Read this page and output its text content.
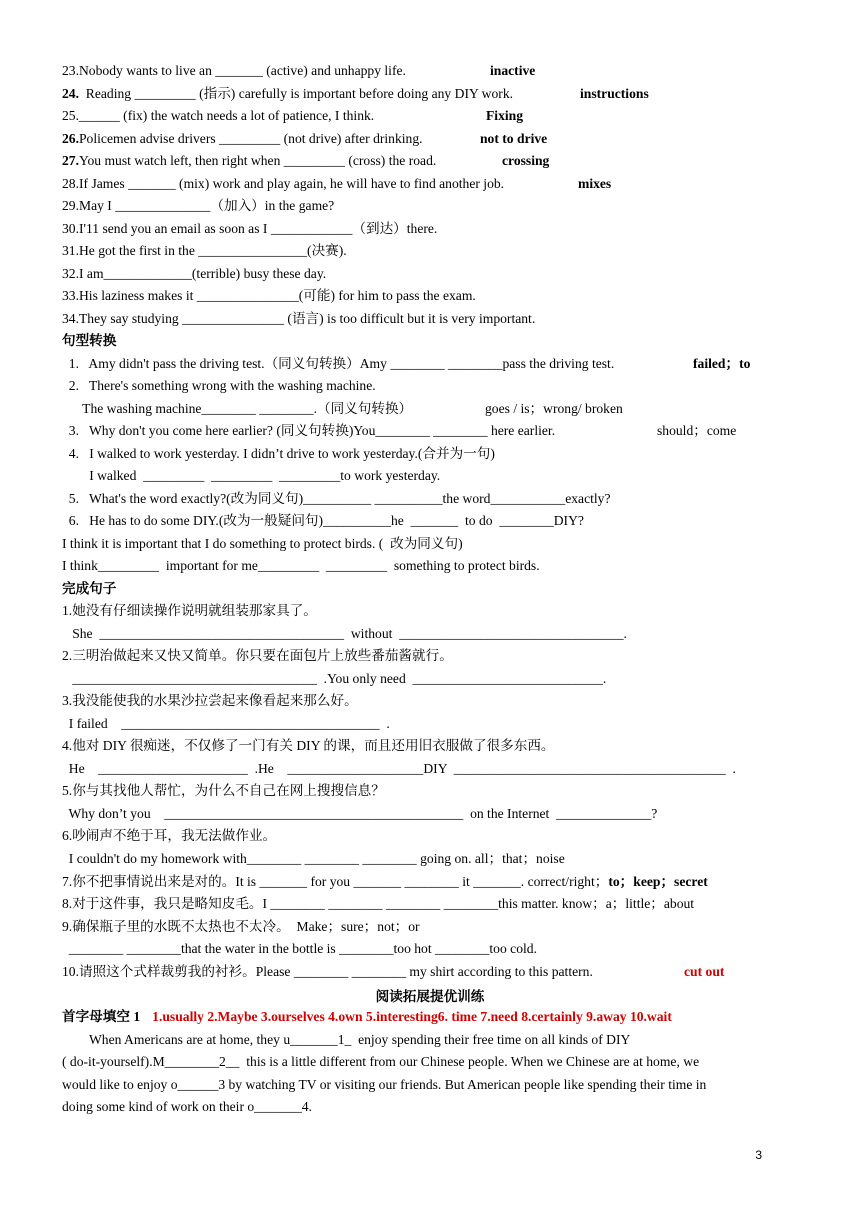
23.Nobody wants to live an _______ (active) and unhappy life.	inactive
24.  Reading _________ (指示) carefully is important before doing any DIY work.	instructions
25.______ (fix) the watch needs a lot of patience, I think.	Fixing
26.Policemen advise drivers _________ (not drive) after drinking.	not to drive
27.You must watch left, then right when _________ (cross) the road.	crossing
28.If James _______ (mix) work and play again, he will have to find another job.	mixes
29.May I ______________（加入）in the game?
30.I'11 send you an email as soon as I ____________（到达）there.
31.He got the first in the ________________(决赛).
32.I am_____________(terrible) busy these day.
33.His laziness makes it _______________(可能) for him to pass the exam.
34.They say studying _______________ (语言) is too difficult but it is very important.
句型转换
1.   Amy didn't pass the driving test.（同义句转换）Amy ________ ________pass the driving test.	failed；to
2.   There's something wrong with the washing machine.
The washing machine________ ________.（同义句转换）	goes / is；wrong/ broken
3.   Why don't you come here earlier? (同义句转换)You________ ________ here earlier.	should；come
4.   I walked to work yesterday. I didn’t drive to work yesterday.(合并为一句)
I walked  _________  _________  _________to work yesterday.
5.   What's the word exactly?(改为同义句)__________ __________the word___________exactly?
6.   He has to do some DIY.(改为一般疑问句)__________he  _______  to do  ________DIY?
I think it is important that I do something to protect birds. (  改为同义句)
I think_________  important for me_________  _________  something to protect birds.
完成句子
1.她没有仔细读操作说明就组装那家具了。
She  ____________________________________  without  _________________________________.
2.三明治做起来又快又简单。你只要在面包片上放些番茄酱就行。
____________________________________  .You only need  ____________________________.
3.我没能使我的水果沙拉尝起来像看起来那么好。
I failed    ______________________________________  .
4.他对 DIY 很痴迷，不仅修了一门有关 DIY 的课，而且还用旧衣服做了很多东西。
He    ______________________  .He    ____________________DIY  ________________________________________  .
5.你与其找他人帮忙，为什么不自己在网上搜搜信息？
Why don’t you    ____________________________________________  on the Internet  ______________?
6.吵闹声不绝于耳，我无法做作业。
I couldn't do my homework with________ ________ ________ going on. all；that；noise
7.你不把事情说出来是对的。It is _______ for you _______ ________ it _______. correct/right；to；keep；secret
8.对于这件事，我只是略知皮毛。I ________ ________ ________ ________this matter. know；a；little；about
9.确保瓶子里的水既不太热也不太冷。  Make；sure；not；or
________ ________that the water in the bottle is ________too hot ________too cold.
10.请照这个式样裁剪我的衬衫。Please ________ ________ my shirt according to this pattern.	cut out
阅读拓展提优训练
首字母填空 1 1.usually 2.Maybe 3.ourselves 4.own 5.interesting6. time 7.need 8.certainly 9.away 10.wait
When Americans are at home, they u_______1_  enjoy spending their free time on all kinds of DIY
( do-it-yourself).M________2__  this is a little different from our Chinese people. When we Chinese are at home, we
would like to enjoy o______3 by watching TV or visiting our friends. But American people like spending their time in
doing some kind of work on their o_______4.
3
